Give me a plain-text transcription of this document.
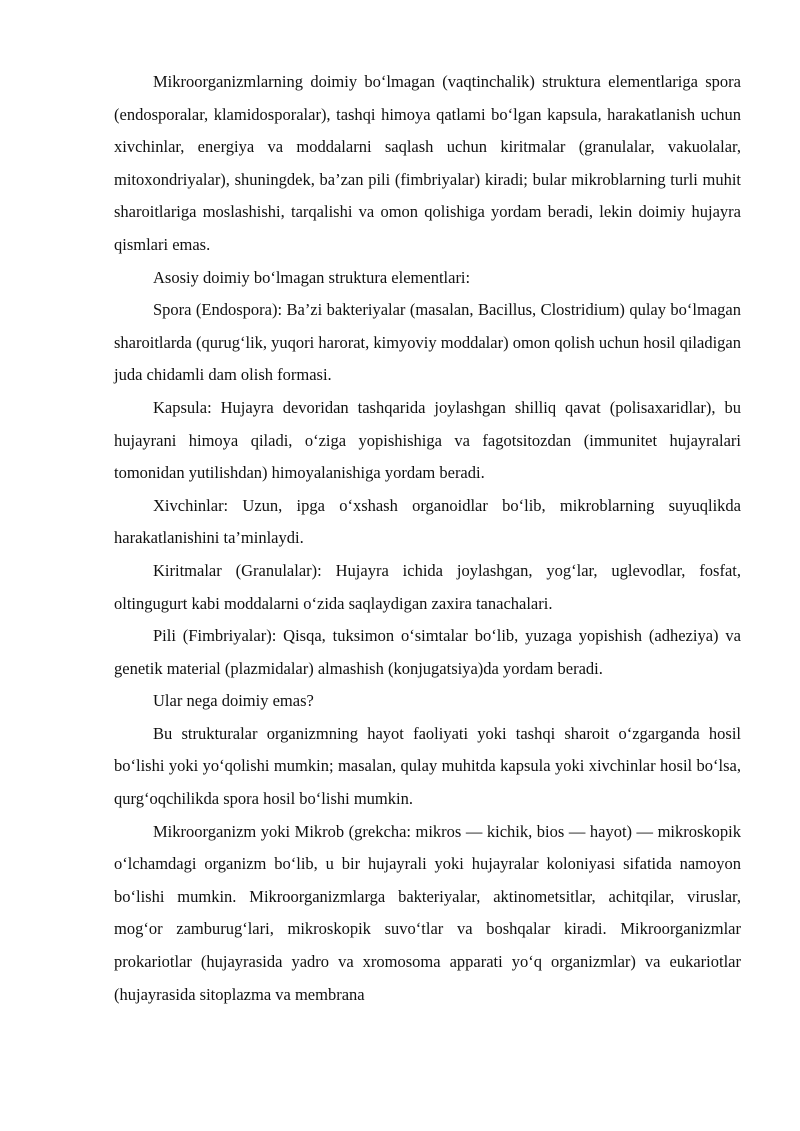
Mikroorganizmlarning doimiy bo‘lmagan (vaqtinchalik) struktura elementlariga spora (endosporalar, klamidosporalar), tashqi himoya qatlami bo‘lgan kapsula, harakatlanish uchun xivchinlar, energiya va moddalarni saqlash uchun kiritmalar (granulalar, vakuolalar, mitoxondriyalar), shuningdek, ba’zan pili (fimbriyalar) kiradi; bular mikroblarning turli muhit sharoitlariga moslashishi, tarqalishi va omon qolishiga yordam beradi, lekin doimiy hujayra qismlari emas.

Asosiy doimiy bo‘lmagan struktura elementlari:

Spora (Endospora): Ba’zi bakteriyalar (masalan, Bacillus, Clostridium) qulay bo‘lmagan sharoitlarda (qurug‘lik, yuqori harorat, kimyoviy moddalar) omon qolish uchun hosil qiladigan juda chidamli dam olish formasi.

Kapsula: Hujayra devoridan tashqarida joylashgan shilliq qavat (polisaxaridlar), bu hujayrani himoya qiladi, o‘ziga yopishishiga va fagotsitozdan (immunitet hujayralari tomonidan yutilishdan) himoyalanishiga yordam beradi.

Xivchinlar: Uzun, ipga o‘xshash organoidlar bo‘lib, mikroblarning suyuqlikda harakatlanishini ta’minlaydi.

Kiritmalar (Granulalar): Hujayra ichida joylashgan, yog‘lar, uglevodlar, fosfat, oltingugurt kabi moddalarni o‘zida saqlaydigan zaxira tanachalari.

Pili (Fimbriyalar): Qisqa, tuksimon o‘simtalar bo‘lib, yuzaga yopishish (adheziya) va genetik material (plazmidalar) almashish (konjugatsiya)da yordam beradi.

Ular nega doimiy emas?

Bu strukturalar organizmning hayot faoliyati yoki tashqi sharoit o‘zgarganda hosil bo‘lishi yoki yo‘qolishi mumkin; masalan, qulay muhitda kapsula yoki xivchinlar hosil bo‘lsa, qurg‘oqchilikda spora hosil bo‘lishi mumkin.

Mikroorganizm yoki Mikrob (grekcha: mikros — kichik, bios — hayot) — mikroskopik o‘lchamdagi organizm bo‘lib, u bir hujayrali yoki hujayralar koloniyasi sifatida namoyon bo‘lishi mumkin. Mikroorganizmlarga bakteriyalar, aktinometsitlar, achitqilar, viruslar, mog‘or zamburug‘lari, mikroskopik suvo‘tlar va boshqalar kiradi. Mikroorganizmlar prokariotlar (hujayrasida yadro va xromosoma apparati yo‘q organizmlar) va eukariotlar (hujayrasida sitoplazma va membrana
